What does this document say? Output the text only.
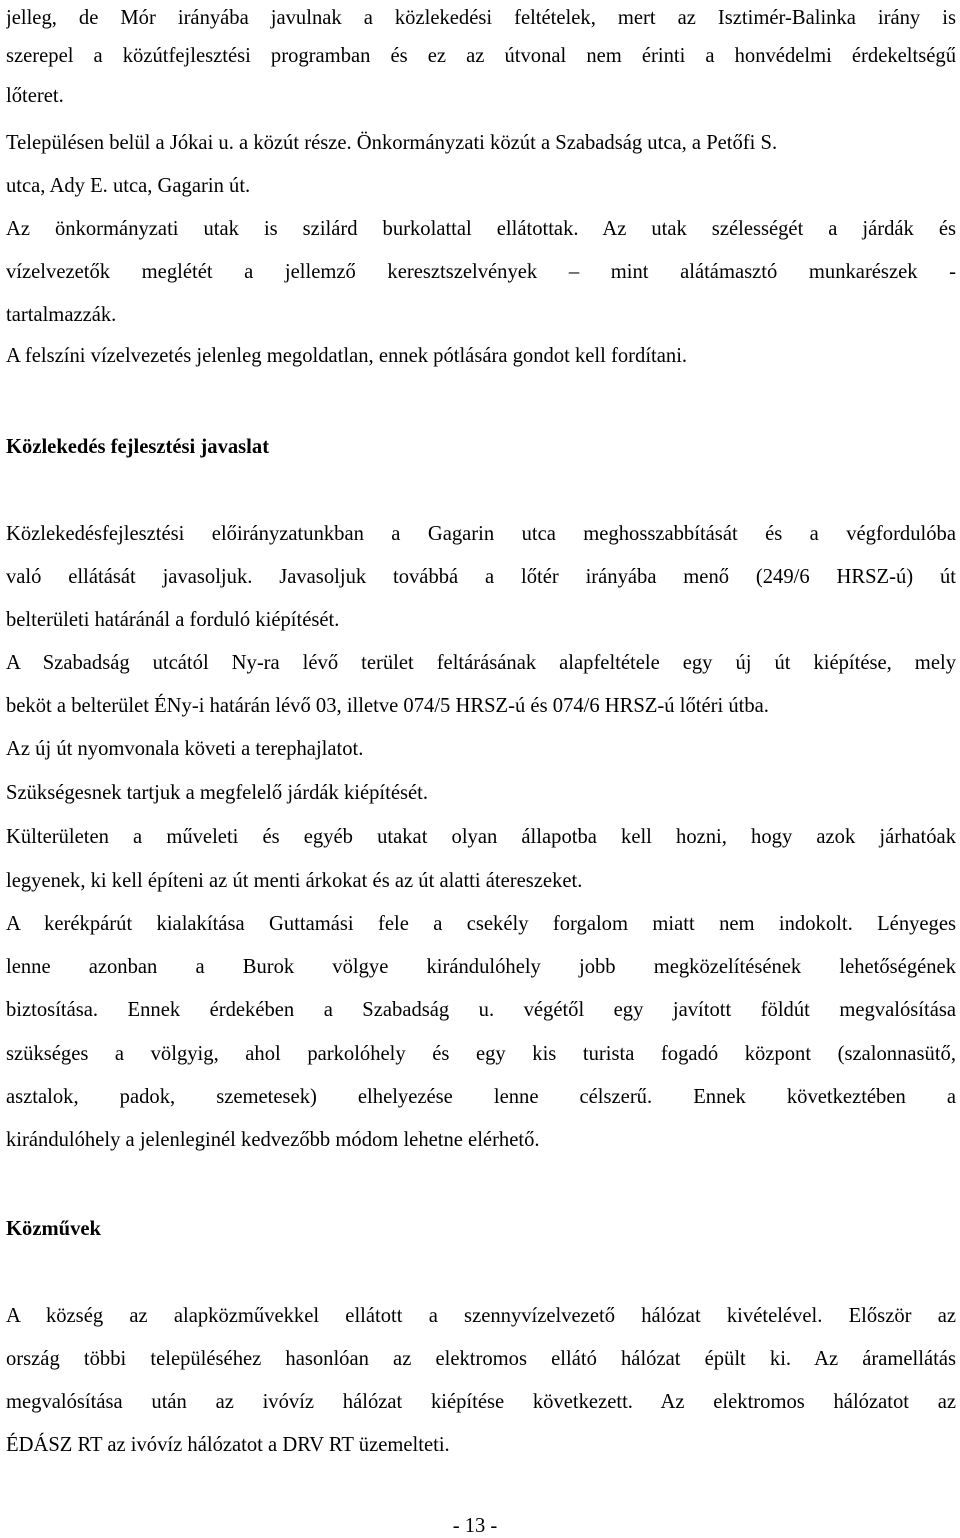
jelleg, de Mór irányába javulnak a közlekedési feltételek, mert az Isztimér-Balinka irány is
szerepel a közútfejlesztési programban és ez az útvonal nem érinti a honvédelmi érdekeltségű
lőteret.
Településen belül a Jókai u. a közút része. Önkormányzati közút a Szabadság utca, a Petőfi S.
utca, Ady E. utca, Gagarin út.
Az önkormányzati utak is szilárd burkolattal ellátottak. Az utak szélességét a járdák és
vízelvezetők meglétét a jellemző keresztszelvények – mint alátámasztó munkarészek -
tartalmazzák.
A felszíni vízelvezetés jelenleg megoldatlan, ennek pótlására gondot kell fordítani.
Közlekedésfejlesztési előirányzatunkban a Gagarin utca meghosszabbítását és a végfordulóba
való ellátását javasoljuk. Javasoljuk továbbá a lőtér irányába menő (249/6 HRSZ-ú) út
belterületi határánál a forduló kiépítését.
A Szabadság utcától Ny-ra lévő terület feltárásának alapfeltétele egy új út kiépítése, mely
beköt a belterület ÉNy-i határán lévő 03, illetve 074/5 HRSZ-ú és 074/6 HRSZ-ú lőtéri útba.
Az új út nyomvonala követi a terephajlatot.
Szükségesnek tartjuk a megfelelő járdák kiépítését.
Külterületen a műveleti és egyéb utakat olyan állapotba kell hozni, hogy azok járhatóak
legyenek, ki kell építeni az út menti árkokat és az út alatti átereszeket.
A kerékpárút kialakítása Guttamási fele a csekély forgalom miatt nem indokolt. Lényeges
lenne azonban a Burok völgye kirándulóhely jobb megközelítésének lehetőségének
biztosítása. Ennek érdekében a Szabadság u. végétől egy javított földút megvalósítása
szükséges a völgyig, ahol parkolóhely és egy kis turista fogadó központ (szalonnasütő,
asztalok, padok, szemetesek) elhelyezése lenne célszerű. Ennek következtében a
kirándulóhely a jelenleginél kedvezőbb módom lehetne elérhető.
A község az alapközművekkel ellátott a szennyvízelvezető hálózat kivételével. Először az
ország többi településéhez hasonlóan az elektromos ellátó hálózat épült ki. Az áramellátás
megvalósítása után az ivóvíz hálózat kiépítése következett. Az elektromos hálózatot az
ÉDÁSZ RT az ivóvíz hálózatot a DRV RT üzemelteti.
Közlekedés fejlesztési javaslat
Közművek
- 13 -
